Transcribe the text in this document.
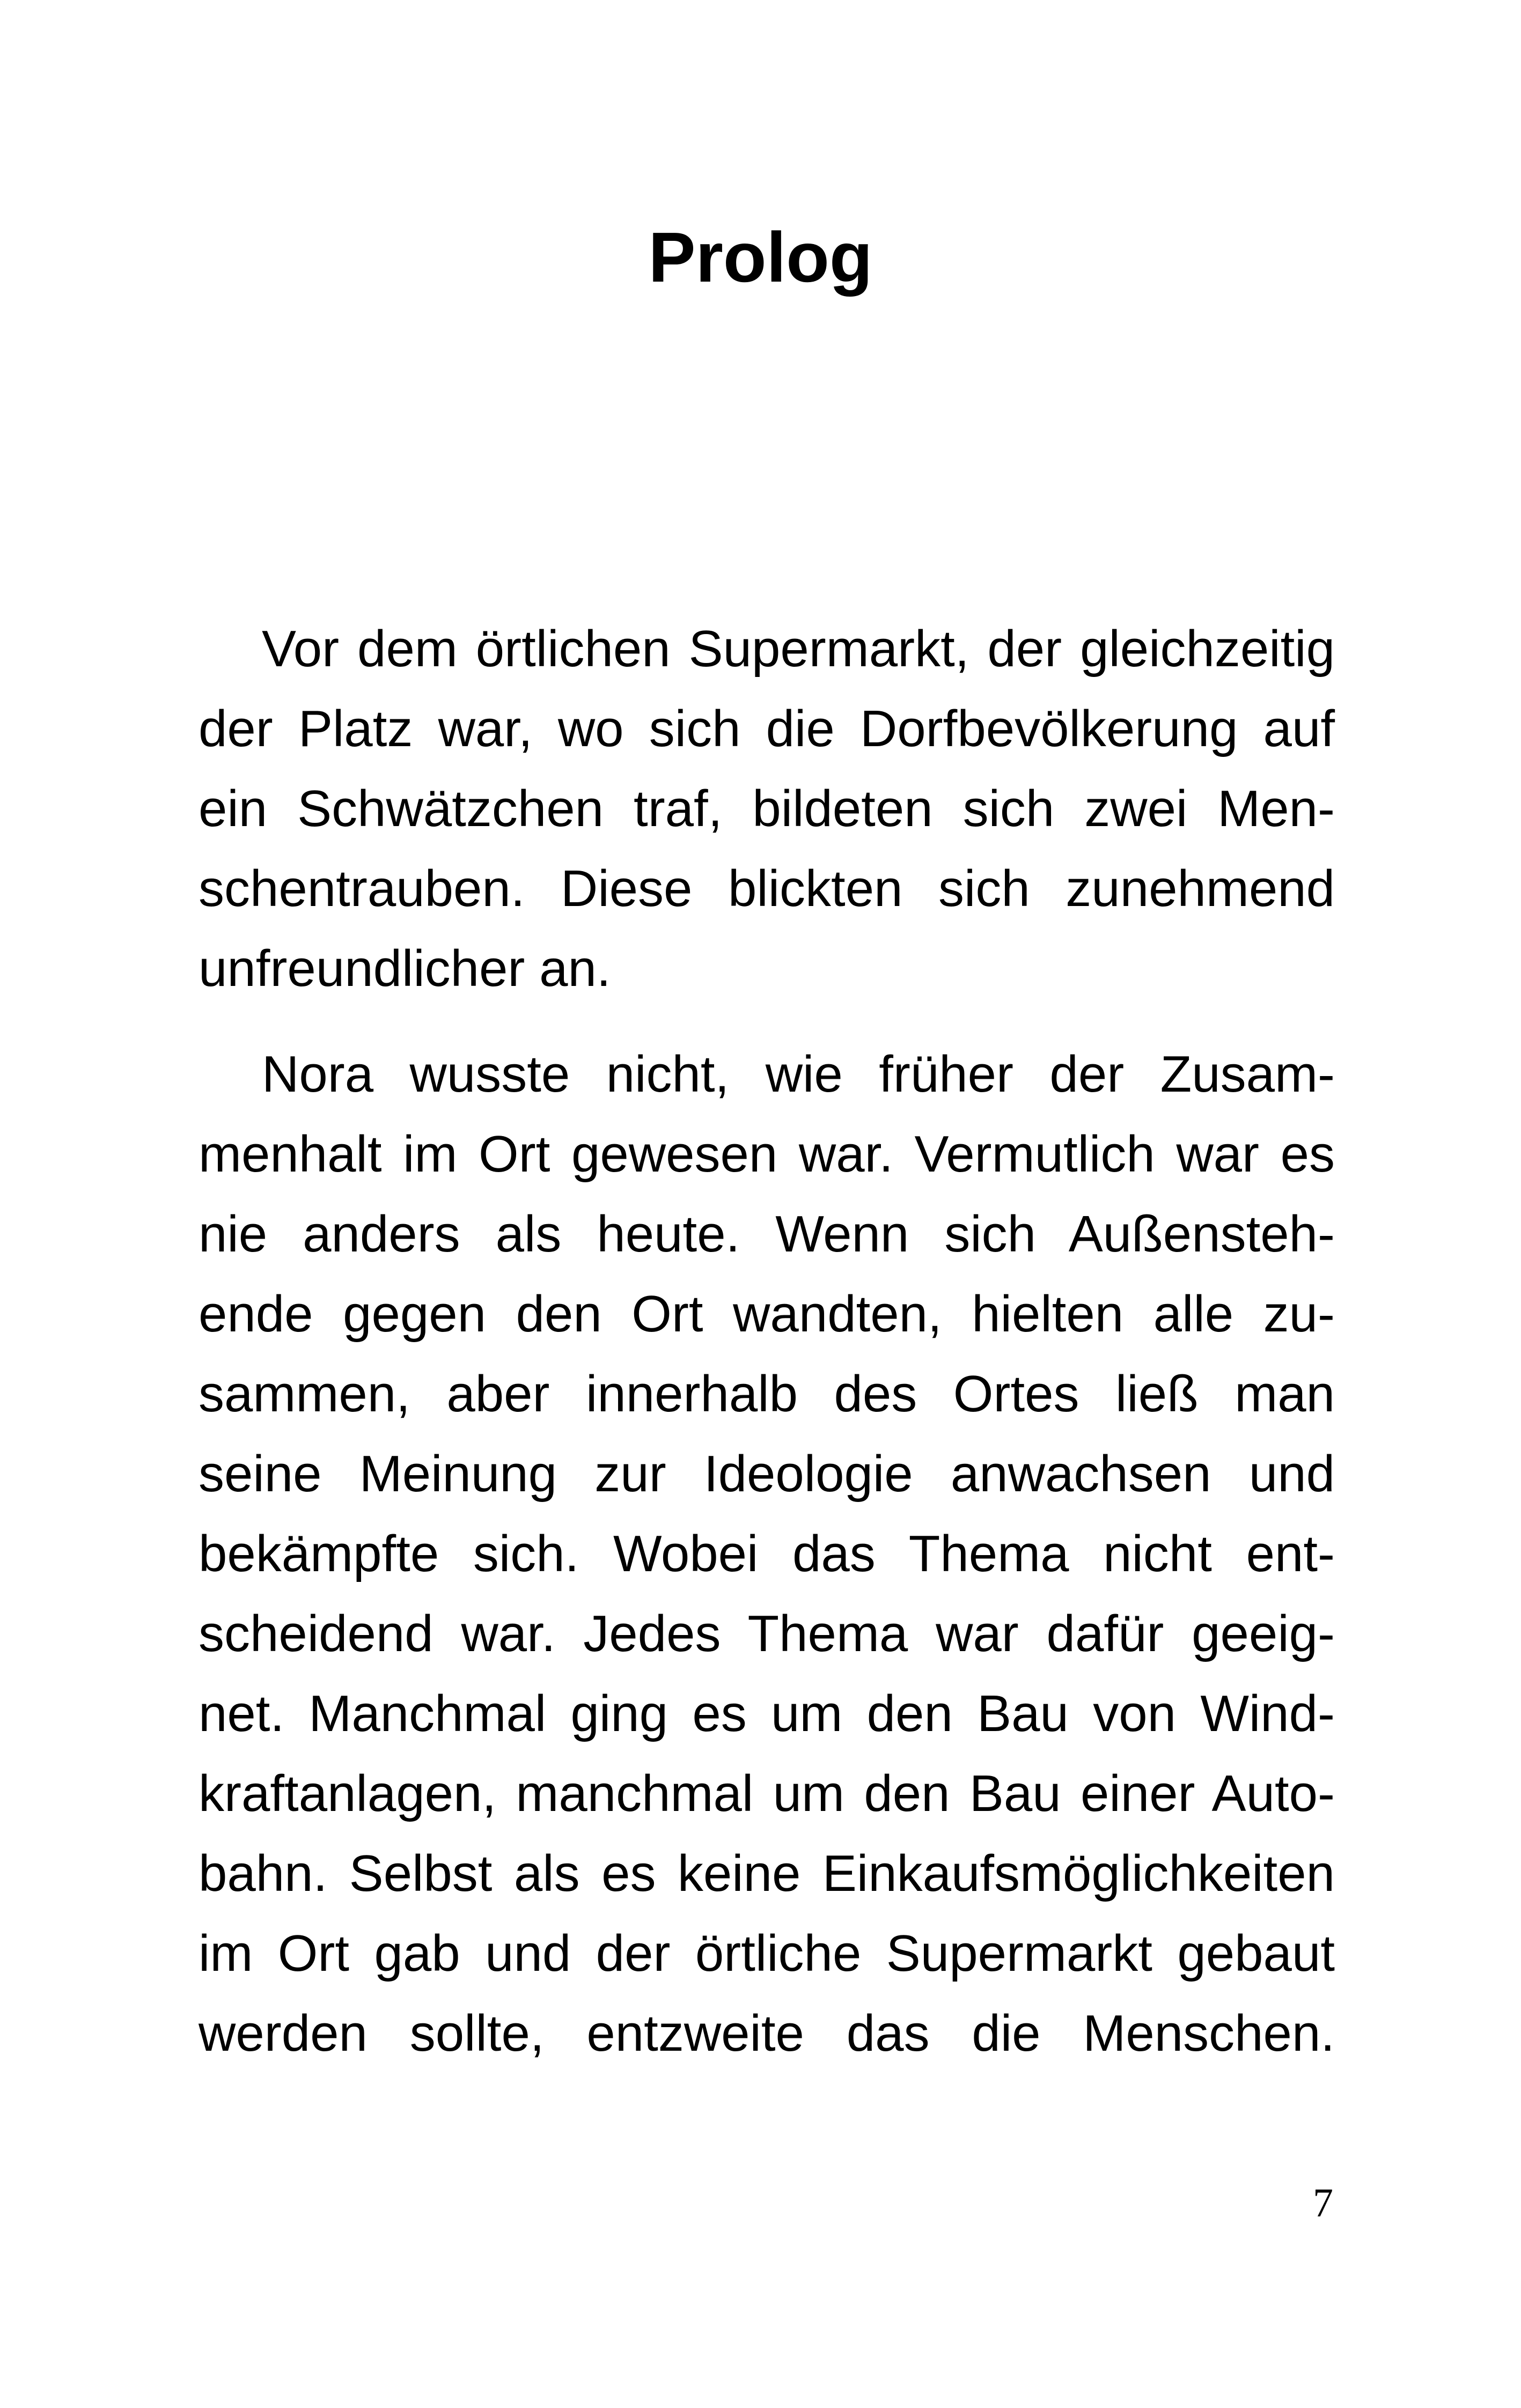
Prolog
Vor dem örtlichen Supermarkt, der gleichzeitig
der Platz war, wo sich die Dorfbevölkerung auf
ein Schwätzchen traf, bildeten sich zwei Men-
schentrauben. Diese blickten sich zunehmend
unfreundlicher an.
Nora wusste nicht, wie früher der Zusam-
menhalt im Ort gewesen war. Vermutlich war es
nie anders als heute. Wenn sich Außensteh-
ende gegen den Ort wandten, hielten alle zu-
sammen, aber innerhalb des Ortes ließ man
seine Meinung zur Ideologie anwachsen und
bekämpfte sich. Wobei das Thema nicht ent-
scheidend war. Jedes Thema war dafür geeig-
net. Manchmal ging es um den Bau von Wind-
kraftanlagen, manchmal um den Bau einer Auto-
bahn. Selbst als es keine Einkaufsmöglichkeiten
im Ort gab und der örtliche Supermarkt gebaut
werden sollte, entzweite das die Menschen.
7
